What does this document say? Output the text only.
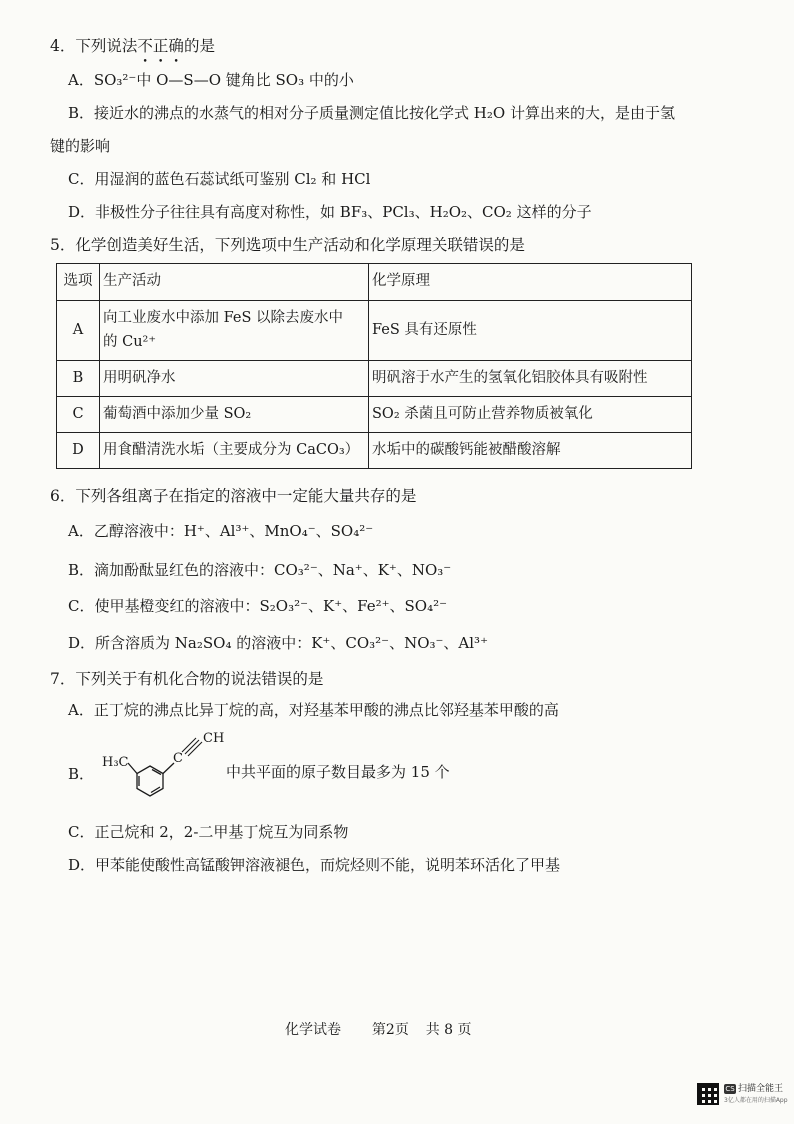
4．下列说法不正确的是
A．SO₃²⁻中 O—S—O 键角比 SO₃ 中的小
B．接近水的沸点的水蒸气的相对分子质量测定值比按化学式 H₂O 计算出来的大，是由于氢
键的影响
C．用湿润的蓝色石蕊试纸可鉴别 Cl₂ 和 HCl
D．非极性分子往往具有高度对称性，如 BF₃、PCl₃、H₂O₂、CO₂ 这样的分子
5．化学创造美好生活，下列选项中生产活动和化学原理关联错误的是
选项	生产活动	化学原理
A	向工业废水中添加 FeS 以除去废水中
的 Cu²⁺	FeS 具有还原性
B	用明矾净水	明矾溶于水产生的氢氧化铝胶体具有吸附性
C	葡萄酒中添加少量 SO₂	SO₂ 杀菌且可防止营养物质被氧化
D	用食醋清洗水垢（主要成分为 CaCO₃）	水垢中的碳酸钙能被醋酸溶解
6．下列各组离子在指定的溶液中一定能大量共存的是
A．乙醇溶液中：H⁺、Al³⁺、MnO₄⁻、SO₄²⁻
B．滴加酚酞显红色的溶液中：CO₃²⁻、Na⁺、K⁺、NO₃⁻
C．使甲基橙变红的溶液中：S₂O₃²⁻、K⁺、Fe²⁺、SO₄²⁻
D．所含溶质为 Na₂SO₄ 的溶液中：K⁺、CO₃²⁻、NO₃⁻、Al³⁺
7．下列关于有机化合物的说法错误的是
A．正丁烷的沸点比异丁烷的高，对羟基苯甲酸的沸点比邻羟基苯甲酸的高
B．
H₃C	C
CH
中共平面的原子数目最多为 15 个
C．正己烷和 2，2-二甲基丁烷互为同系物
D．甲苯能使酸性高锰酸钾溶液褪色，而烷烃则不能，说明苯环活化了甲基
化学试卷 第2页 共 8 页
CS 扫描全能王
3亿人都在用的扫描App
